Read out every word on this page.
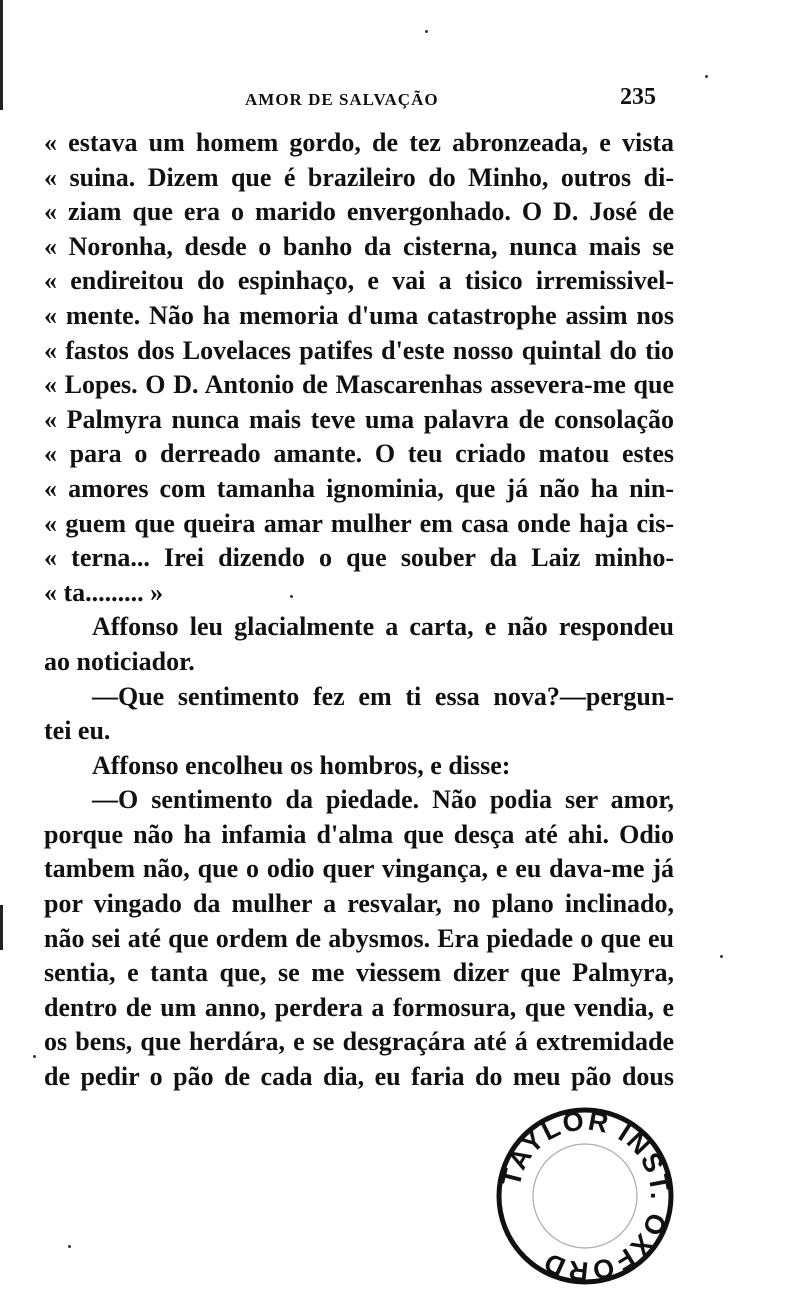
AMOR DE SALVAÇÃO	235
« estava um homem gordo, de tez abronzeada, e vista
« suina. Dizem que é brazileiro do Minho, outros di-
« ziam que era o marido envergonhado. O D. José de
« Noronha, desde o banho da cisterna, nunca mais se
« endireitou do espinhaço, e vai a tisico irremissivel-
« mente. Não ha memoria d'uma catastrophe assim nos
« fastos dos Lovelaces patifes d'este nosso quintal do tio
« Lopes. O D. Antonio de Mascarenhas assevera-me que
« Palmyra nunca mais teve uma palavra de consolação
« para o derreado amante. O teu criado matou estes
« amores com tamanha ignominia, que já não ha nin-
« guem que queira amar mulher em casa onde haja cis-
« terna... Irei dizendo o que souber da Laiz minho-
« ta......... »
Affonso leu glacialmente a carta, e não respondeu
ao noticiador.
—Que sentimento fez em ti essa nova?—pergun-
tei eu.
Affonso encolheu os hombros, e disse:
—O sentimento da piedade. Não podia ser amor,
porque não ha infamia d'alma que desça até ahi. Odio
tambem não, que o odio quer vingança, e eu dava-me já
por vingado da mulher a resvalar, no plano inclinado,
não sei até que ordem de abysmos. Era piedade o que eu
sentia, e tanta que, se me viessem dizer que Palmyra,
dentro de um anno, perdera a formosura, que vendia, e
os bens, que herdára, e se desgraçára até á extremidade
de pedir o pão de cada dia, eu faria do meu pão dous
TAYLOR INST. OXFORD
